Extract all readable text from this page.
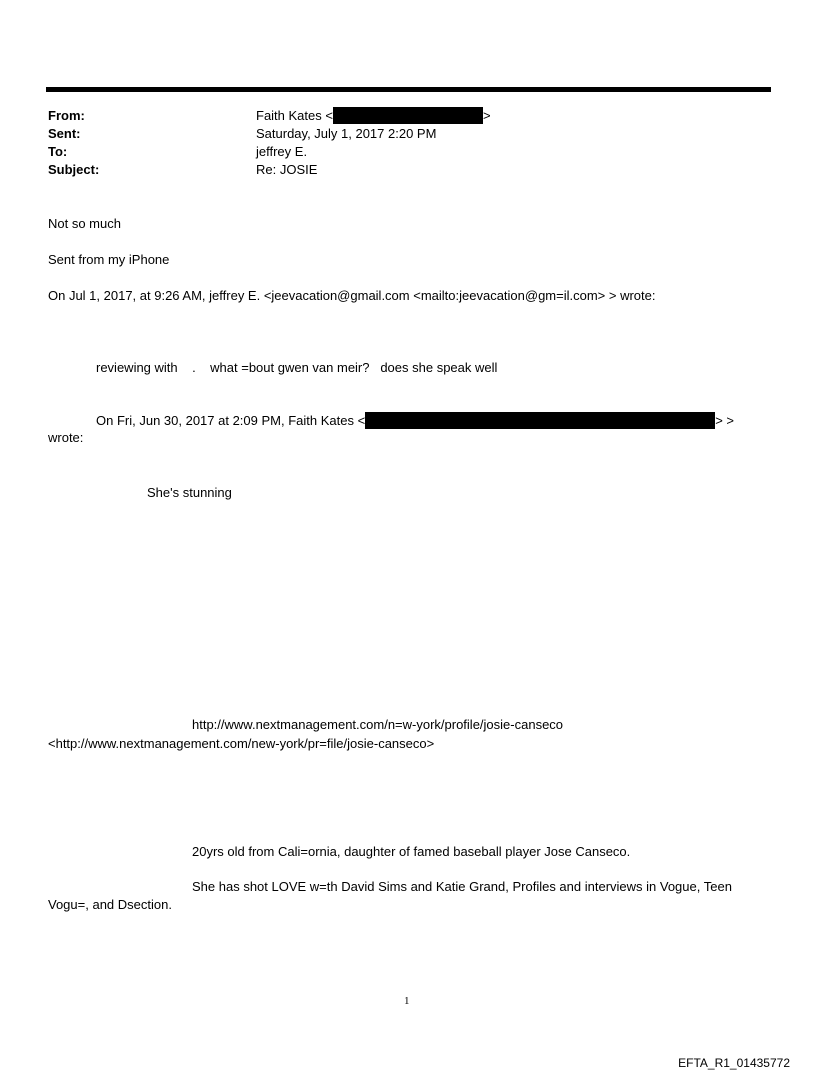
From:	Faith Kates <	>
Sent:	Saturday, July 1, 2017 2:20 PM
To:	jeffrey E.
Subject:	Re: JOSIE
Not so much
Sent from my iPhone
On Jul 1, 2017, at 9:26 AM, jeffrey E. <jeevacation@gmail.com <mailto:jeevacation@gm=il.com> > wrote:
reviewing with    .    what =bout gwen van meir?   does she speak well
On Fri, Jun 30, 2017 at 2:09 PM, Faith Kates <	> >
wrote:
She's stunning
http://www.nextmanagement.com/n=w-york/profile/josie-canseco
<http://www.nextmanagement.com/new-york/pr=file/josie-canseco>
20yrs old from Cali=ornia, daughter of famed baseball player Jose Canseco.
She has shot LOVE w=th David Sims and Katie Grand, Profiles and interviews in Vogue, Teen
Vogu=, and Dsection.
1
EFTA_R1_01435772
